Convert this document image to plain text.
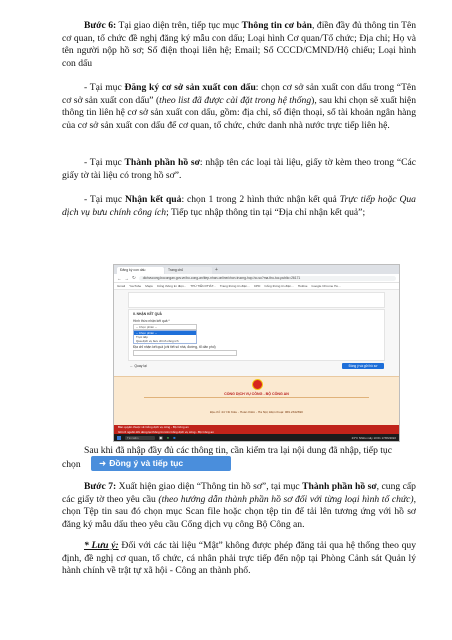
Bước 6: Tại giao diện trên, tiếp tục mục Thông tin cơ bản, điền đầy đủ thông tin Tên cơ quan, tổ chức đề nghị đăng ký mẫu con dấu; Loại hình Cơ quan/Tổ chức; Địa chỉ; Họ và tên người nộp hồ sơ; Số điện thoại liên hệ; Email; Số CCCD/CMND/Hộ chiếu; Loại hình con dấu

- Tại mục Đăng ký cơ sở sản xuất con dấu: chọn cơ sở sản xuất con dấu trong “Tên cơ sở sản xuất con dấu” (theo list đã được cài đặt trong hệ thống), sau khi chọn sẽ xuất hiện thông tin liên hệ cơ sở sản xuất con dấu, gồm: địa chỉ, số điện thoại, số tài khoản ngân hàng của cơ sở sản xuất con dấu để cơ quan, tổ chức, chức danh nhà nước trực tiếp liên hệ.

- Tại mục Thành phần hồ sơ: nhập tên các loại tài liệu, giấy tờ kèm theo trong “Các giấy tờ tài liệu có trong hồ sơ”.

- Tại mục Nhận kết quả: chọn 1 trong 2 hình thức nhận kết quả Trực tiếp hoặc Qua dịch vụ bưu chính công ích; Tiếp tục nhập thông tin tại “Địa chỉ nhận kết quả”;

Đăng ký con dấu	Trang chủ	+
← → ↻	dichvucong.bocongan.gov.vn/bo-cong-an/tiep-nhan-online/chon-truong-hop-ho-so?ma-thu-tuc-public=26171
Gmail YouTube Maps Cổng thông tin điện... THỦ TIỀN PHÁT... Trang thông tin điện... CPD Cổng thông tin điện... Hotline Google Chrome Ho...
II. NHẬN KẾT QUẢ
Hình thức nhận kết quả *
-- Chọn phiên --
-- Chọn phiên --
Trực tiếp
Qua dịch vụ bưu chính công ích
Địa chỉ nhận kết quả (chi tiết số nhà, đường, tổ dân phố)
← Quay lại	Đồng ý và gửi hồ sơ
CỔNG DỊCH VỤ CÔNG - BỘ CÔNG AN
Địa chỉ: 44 Yết Kiêu - Hoàn Kiếm - Hà Nội; Điện thoại: 069.2342690
Bản quyền thuộc về Cổng dịch vụ công - Bộ Công an
Ghi rõ nguồn khi dùng lại thông tin trên Cổng dịch vụ công - Bộ Công an
Tìm kiếm	▣ ● ■	23°C Nhiều mây 10:01 17/06/2022

Sau khi đã nhập đầy đủ các thông tin, cần kiểm tra lại nội dung đã nhập, tiếp tục

chọn	➜ Đồng ý và tiếp tục

Bước 7: Xuất hiện giao diện “Thông tin hồ sơ”, tại mục Thành phần hồ sơ, cung cấp các giấy tờ theo yêu cầu (theo hướng dẫn thành phần hồ sơ đối với từng loại hình tổ chức), chọn Tệp tin sau đó chọn mục Scan file hoặc chọn tệp tin để tải lên tương ứng với hồ sơ đăng ký mẫu dấu theo yêu cầu Cổng dịch vụ công Bộ Công an.

* Lưu ý: Đối với các tài liệu “Mật” không được phép đăng tải qua hệ thống theo quy định, đề nghị cơ quan, tổ chức, cá nhân phải trực tiếp đến nộp tại Phòng Cảnh sát Quản lý hành chính về trật tự xã hội - Công an thành phố.
